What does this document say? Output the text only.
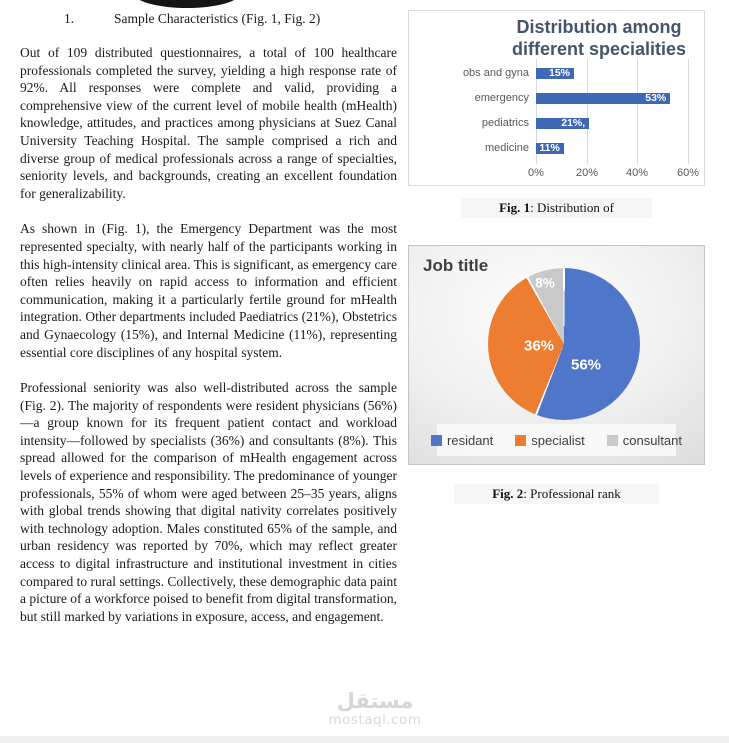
1.	Sample Characteristics (Fig. 1, Fig. 2)

Out of 109 distributed questionnaires, a total of 100 healthcare professionals completed the survey, yielding a high response rate of 92%. All responses were complete and valid, providing a comprehensive view of the current level of mobile health (mHealth) knowledge, attitudes, and practices among physicians at Suez Canal University Teaching Hospital. The sample comprised a rich and diverse group of medical professionals across a range of specialties, seniority levels, and backgrounds, creating an excellent foundation for generalizability.

As shown in (Fig. 1), the Emergency Department was the most represented specialty, with nearly half of the participants working in this high-intensity clinical area. This is significant, as emergency care often relies heavily on rapid access to information and efficient communication, making it a particularly fertile ground for mHealth integration. Other departments included Paediatrics (21%), Obstetrics and Gynaecology (15%), and Internal Medicine (11%), representing essential core disciplines of any hospital system.

Professional seniority was also well-distributed across the sample (Fig. 2). The majority of respondents were resident physicians (56%)—a group known for its frequent patient contact and workload intensity—followed by specialists (36%) and consultants (8%). This spread allowed for the comparison of mHealth engagement across levels of experience and responsibility. The predominance of younger professionals, 55% of whom were aged between 25–35 years, aligns with global trends showing that digital nativity correlates positively with technology adoption. Males constituted 65% of the sample, and urban residency was reported by 70%, which may reflect greater access to digital infrastructure and institutional investment in cities compared to rural settings. Collectively, these demographic data paint a picture of a workforce poised to benefit from digital transformation, but still marked by variations in exposure, access, and engagement.

مستقل
mostaql.com
Distribution among
different specialities
obs and gyna
emergency
pediatrics
medicine
15%
53%
21%,
11%
0%	20%	40%	60%
Fig. 1: Distribution of
Job title
56%
36%
8%
residant	specialist	consultant
Fig. 2: Professional rank
